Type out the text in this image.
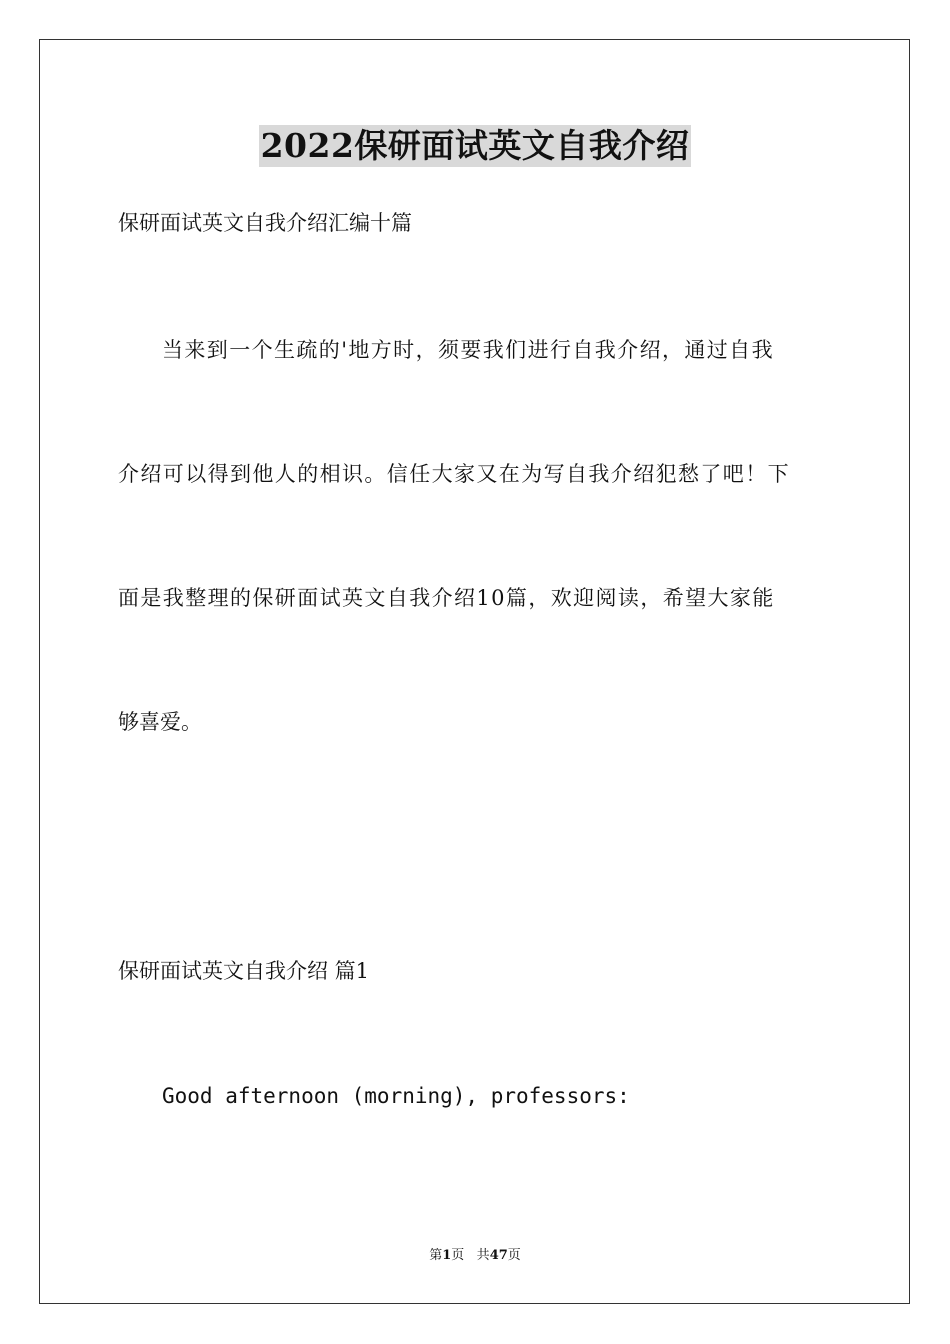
2022保研面试英文自我介绍
保研面试英文自我介绍汇编十篇
当来到一个生疏的'地方时，须要我们进行自我介绍，通过自我
介绍可以得到他人的相识。信任大家又在为写自我介绍犯愁了吧！下
面是我整理的保研面试英文自我介绍10篇，欢迎阅读，希望大家能
够喜爱。
保研面试英文自我介绍 篇1
Good afternoon (morning), professors:
第1页 共47页
